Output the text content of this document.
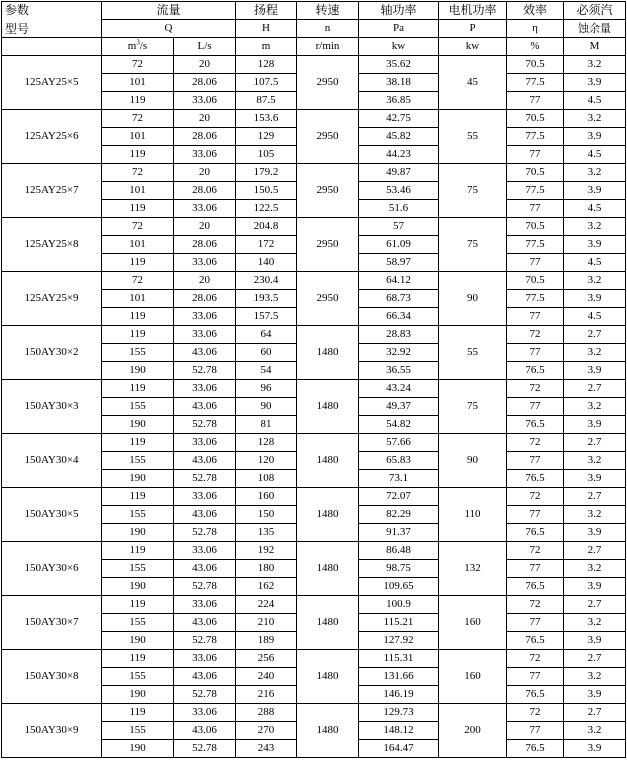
参数
型号	流量		扬程	转速	轴功率	电机功率	效率	必须汽
	Q		H	n	Pa	P	η	蚀余量
	$m^3/s$	L/s	m	r/min	kw	kw	%	M
125AY25×5	72	20	128	2950	35.62	45	70.5	3.2
	101	28.06	107.5		38.18		77.5	3.9
	119	33.06	87.5		36.85		77	4.5
125AY25×6	72	20	153.6	2950	42.75	55	70.5	3.2
	101	28.06	129		45.82		77.5	3.9
	119	33.06	105		44.23		77	4.5
125AY25×7	72	20	179.2	2950	49.87	75	70.5	3.2
	101	28.06	150.5		53.46		77.5	3.9
	119	33.06	122.5		51.6		77	4.5
125AY25×8	72	20	204.8	2950	57	75	70.5	3.2
	101	28.06	172		61.09		77.5	3.9
	119	33.06	140		58.97		77	4.5
125AY25×9	72	20	230.4	2950	64.12	90	70.5	3.2
	101	28.06	193.5		68.73		77.5	3.9
	119	33.06	157.5		66.34		77	4.5
150AY30×2	119	33.06	64	1480	28.83	55	72	2.7
	155	43.06	60		32.92		77	3.2
	190	52.78	54		36.55		76.5	3.9
150AY30×3	119	33.06	96	1480	43.24	75	72	2.7
	155	43.06	90		49.37		77	3.2
	190	52.78	81		54.82		76.5	3.9
150AY30×4	119	33.06	128	1480	57.66	90	72	2.7
	155	43.06	120		65.83		77	3.2
	190	52.78	108		73.1		76.5	3.9
150AY30×5	119	33.06	160	1480	72.07	110	72	2.7
	155	43.06	150		82.29		77	3.2
	190	52.78	135		91.37		76.5	3.9
150AY30×6	119	33.06	192	1480	86.48	132	72	2.7
	155	43.06	180		98.75		77	3.2
	190	52.78	162		109.65		76.5	3.9
150AY30×7	119	33.06	224	1480	100.9	160	72	2.7
	155	43.06	210		115.21		77	3.2
	190	52.78	189		127.92		76.5	3.9
150AY30×8	119	33.06	256	1480	115.31	160	72	2.7
	155	43.06	240		131.66		77	3.2
	190	52.78	216		146.19		76.5	3.9
150AY30×9	119	33.06	288	1480	129.73	200	72	2.7
	155	43.06	270		148.12		77	3.2
	190	52.78	243		164.47		76.5	3.9
